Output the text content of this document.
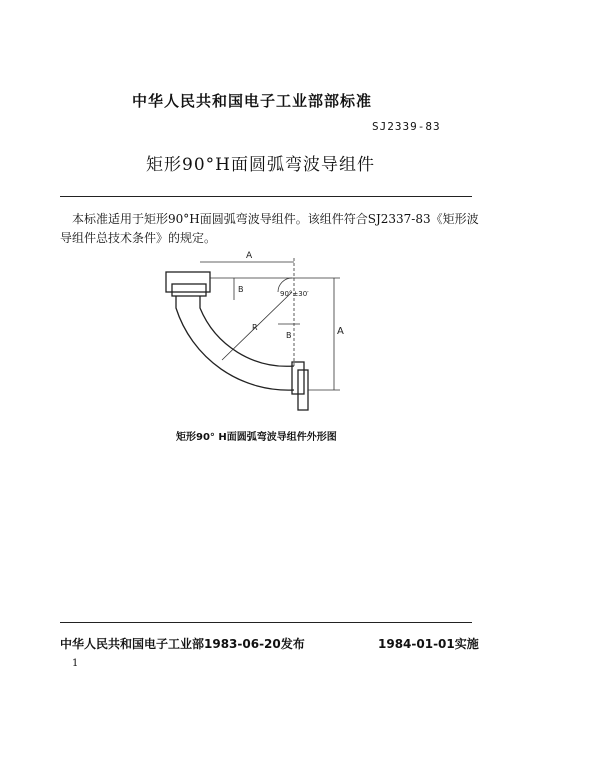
中华人民共和国电子工业部部标准
SJ2339-83
矩形90°H面圆弧弯波导组件
本标准适用于矩形90°H面圆弧弯波导组件。该组件符合SJ2337-83《矩形波导组件总技术条件》的规定。
A
A
B
B
R
90°±30′
矩形90° H面圆弧弯波导组件外形图
中华人民共和国电子工业部1983-06-20发布	1984-01-01实施
1
